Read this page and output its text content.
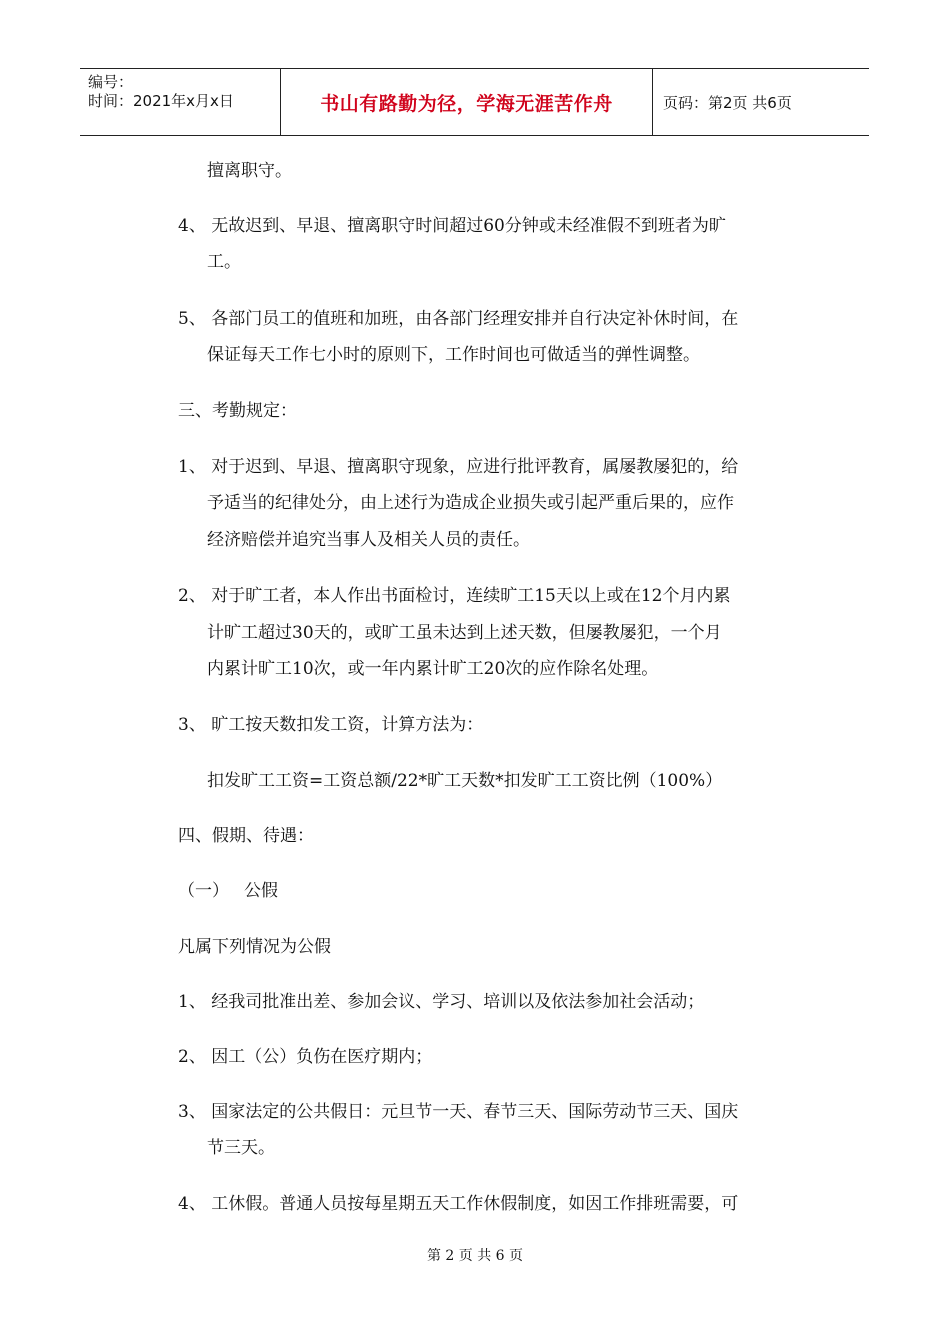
编号：
时间：2021年x月x日	书山有路勤为径，学海无涯苦作舟	页码：第2页 共6页
擅离职守。
4、 无故迟到、早退、擅离职守时间超过60分钟或未经准假不到班者为旷
工。
5、 各部门员工的值班和加班，由各部门经理安排并自行决定补休时间，在
保证每天工作七小时的原则下，工作时间也可做适当的弹性调整。
三、考勤规定：
1、 对于迟到、早退、擅离职守现象，应进行批评教育，属屡教屡犯的，给
予适当的纪律处分，由上述行为造成企业损失或引起严重后果的，应作
经济赔偿并追究当事人及相关人员的责任。
2、 对于旷工者，本人作出书面检讨，连续旷工15天以上或在12个月内累
计旷工超过30天的，或旷工虽未达到上述天数，但屡教屡犯，一个月
内累计旷工10次，或一年内累计旷工20次的应作除名处理。
3、 旷工按天数扣发工资，计算方法为：
扣发旷工工资=工资总额/22*旷工天数*扣发旷工工资比例（100%）
四、假期、待遇：
（一） 公假
凡属下列情况为公假
1、 经我司批准出差、参加会议、学习、培训以及依法参加社会活动；
2、 因工（公）负伤在医疗期内；
3、 国家法定的公共假日：元旦节一天、春节三天、国际劳动节三天、国庆
节三天。
4、 工休假。普通人员按每星期五天工作休假制度，如因工作排班需要，可
第 2 页 共 6 页
